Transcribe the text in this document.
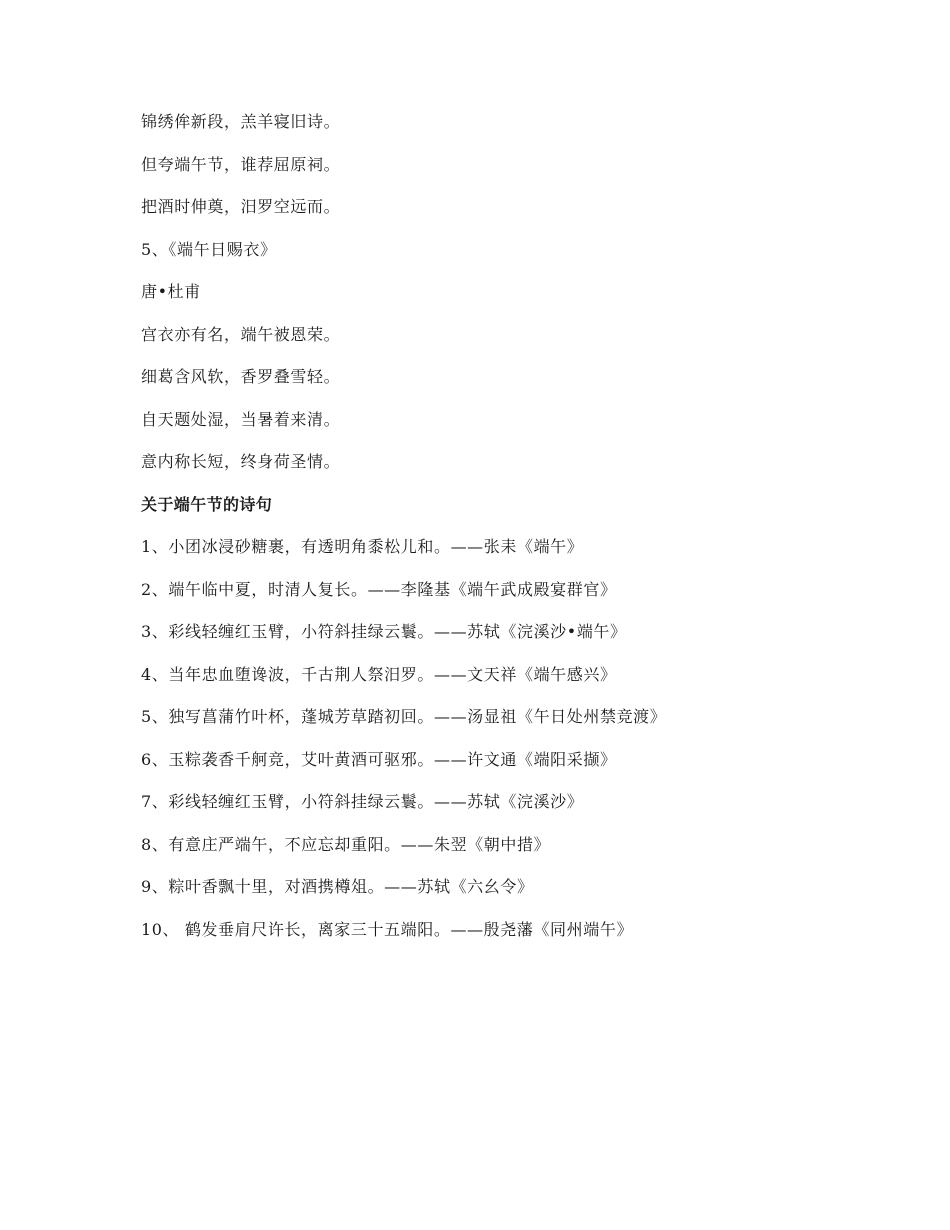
锦绣侔新段，羔羊寝旧诗。
但夸端午节，谁荐屈原祠。
把酒时伸奠，汨罗空远而。
5、《端午日赐衣》
唐•杜甫
宫衣亦有名，端午被恩荣。
细葛含风软，香罗叠雪轻。
自天题处湿，当暑着来清。
意内称长短，终身荷圣情。
关于端午节的诗句
1、小团冰浸砂糖裹，有透明角黍松儿和。——张耒《端午》
2、端午临中夏，时清人复长。——李隆基《端午武成殿宴群官》
3、彩线轻缠红玉臂，小符斜挂绿云鬟。——苏轼《浣溪沙•端午》
4、当年忠血堕谗波，千古荆人祭汨罗。——文天祥《端午感兴》
5、独写菖蒲竹叶杯，蓬城芳草踏初回。——汤显祖《午日处州禁竞渡》
6、玉粽袭香千舸竞，艾叶黄酒可驱邪。——许文通《端阳采撷》
7、彩线轻缠红玉臂，小符斜挂绿云鬟。——苏轼《浣溪沙》
8、有意庄严端午，不应忘却重阳。——朱翌《朝中措》
9、粽叶香飘十里，对酒携樽俎。——苏轼《六幺令》
10、 鹤发垂肩尺许长，离家三十五端阳。——殷尧藩《同州端午》
